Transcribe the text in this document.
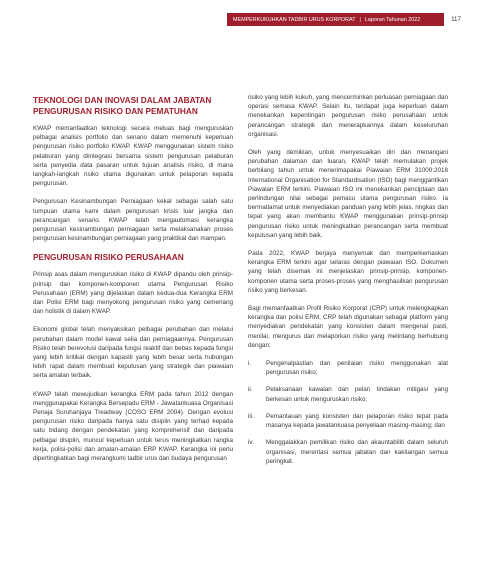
MEMPERKUKUHKAN TADBIR URUS KORPORAT | Laporan Tahunan 2022	117
TEKNOLOGI DAN INOVASI DALAM JABATAN PENGURUSAN RISIKO DAN PEMATUHAN

KWAP memanfaatkan teknologi secara meluas bagi menguruskan pelbagai analisis portfolio dan senario dalam memenuhi keperluan pengurusan risiko portfolio KWAP. KWAP menggunakan sistem risiko pelaburan yang diintegrasi bersama sistem pengurusan pelaburan serta penyedia data pasaran untuk tujuan analisis risiko, di mana langkah-langkah risiko utama digunakan untuk pelaporan kepada pengurusan.

Pengurusan Kesinambungan Perniagaan kekal sebagai salah satu tumpuan utama kami dalam pengurusan krisis luar jangka dan perancangan senario. KWAP telah mengautomasi kerangka pengurusan kesinambungan perniagaan serta melaksanakan proses pengurusan kesinambungan perniagaan yang praktikal dan mampan.

PENGURUSAN RISIKO PERUSAHAAN

Prinsip asas dalam menguruskan risiko di KWAP dipandu oleh prinsip-prinsip dan komponen-komponen utama Pengurusan Risiko Perusahaan (ERM) yang dijelaskan dalam kedua-dua Kerangka ERM dan Polisi ERM bagi menyokong pengurusan risiko yang cemerlang dan holistik di dalam KWAP.

Ekonomi global telah menyaksikan pelbagai perubahan dan melalui perubahan dalam model kawal selia dan perniagaannya. Pengurusan Risiko telah berevolusi daripada fungsi reaktif dan bebas kepada fungsi yang lebih kritikal dengan kapasiti yang lebih besar serta hubungan lebih rapat dalam membuat keputusan yang strategik dan piawaian serta amalan terbaik.

KWAP telah mewujudkan kerangka ERM pada tahun 2012 dengan menggunapakai Kerangka Bersepadu ERM - Jawatankuasa Organisasi Penaja Suruhanjaya Treadway (COSO ERM 2004). Dengan evolusi pengurusan risiko daripada hanya satu disiplin yang terhad kepada satu bidang dengan pendekatan yang komprehensif dan daripada pelbagai disiplin, muncul keperluan untuk terus meningkatkan rangka kerja, polisi-polisi dan amalan-amalan ERP KWAP. Kerangka ini perlu dipertingkatkan bagi merangkumi tadbir urus dan budaya pengurusan

risiko yang lebih kukuh, yang mencerminkan perluasan perniagaan dan operasi semasa KWAP. Selain itu, terdapat juga keperluan dalam menekankan kepentingan pengurusan risiko perusahaan untuk perancangan strategik dan menerapkannya dalam keseluruhan organisasi.

Oleh yang demikian, untuk menyesuaikan diri dan menangani perubahan dalaman dan luaran, KWAP telah memulakan projek berbilang tahun untuk menerimapakai Piawaian ERM 31000:2018 International Organisation for Standardisation (ISO) bagi menggantikan Piawaian ERM terkini. Piawaian ISO ini menekankan penciptaan dan perlindungan nilai sebagai pemacu utama pengurusan risiko. Ia bermatlamat untuk menyediakan panduan yang lebih jelas, ringkas dan tepat yang akan membantu KWAP menggunakan prinsip-prinsip pengurusan risiko untuk meningkatkan perancangan serta membuat keputusan yang lebih baik.

Pada 2022, KWAP berjaya menyemak dan memperkemaskan kerangka ERM terkini agar selaras dengan piawaian ISO. Dokumen yang telah disemak ini menjelaskan prinsip-prinsip, komponen-komponen utama serta proses-proses yang menghasilkan pengurusan risiko yang berkesan.

Bagi memanfaatkan Profil Risiko Korporat (CRP) untuk melengkapkan kerangka dan polisi ERM, CRP telah digunakan sebagai platform yang menyediakan pendekatan yang konsisten dalam mengenal pasti, menilai, mengurus dan melaporkan risiko yang melintang berhubung dengan:

i.	Pengenalpastian dan penilaian risiko menggunakan alat pengurusan risiko;
ii.	Pelaksanaan kawalan dan pelan tindakan mitigasi yang berkesan untuk menguruskan risiko;
iii.	Pemantauan yang konsisten dan pelaporan risiko tepat pada masanya kepada jawatankuasa penyeliaan masing-masing; dan
iv.	Menggalakkan pemilikan risiko dan akauntabiliti dalam seluruh organisasi, merentasi semua jabatan dan kakitangan semua peringkat.
